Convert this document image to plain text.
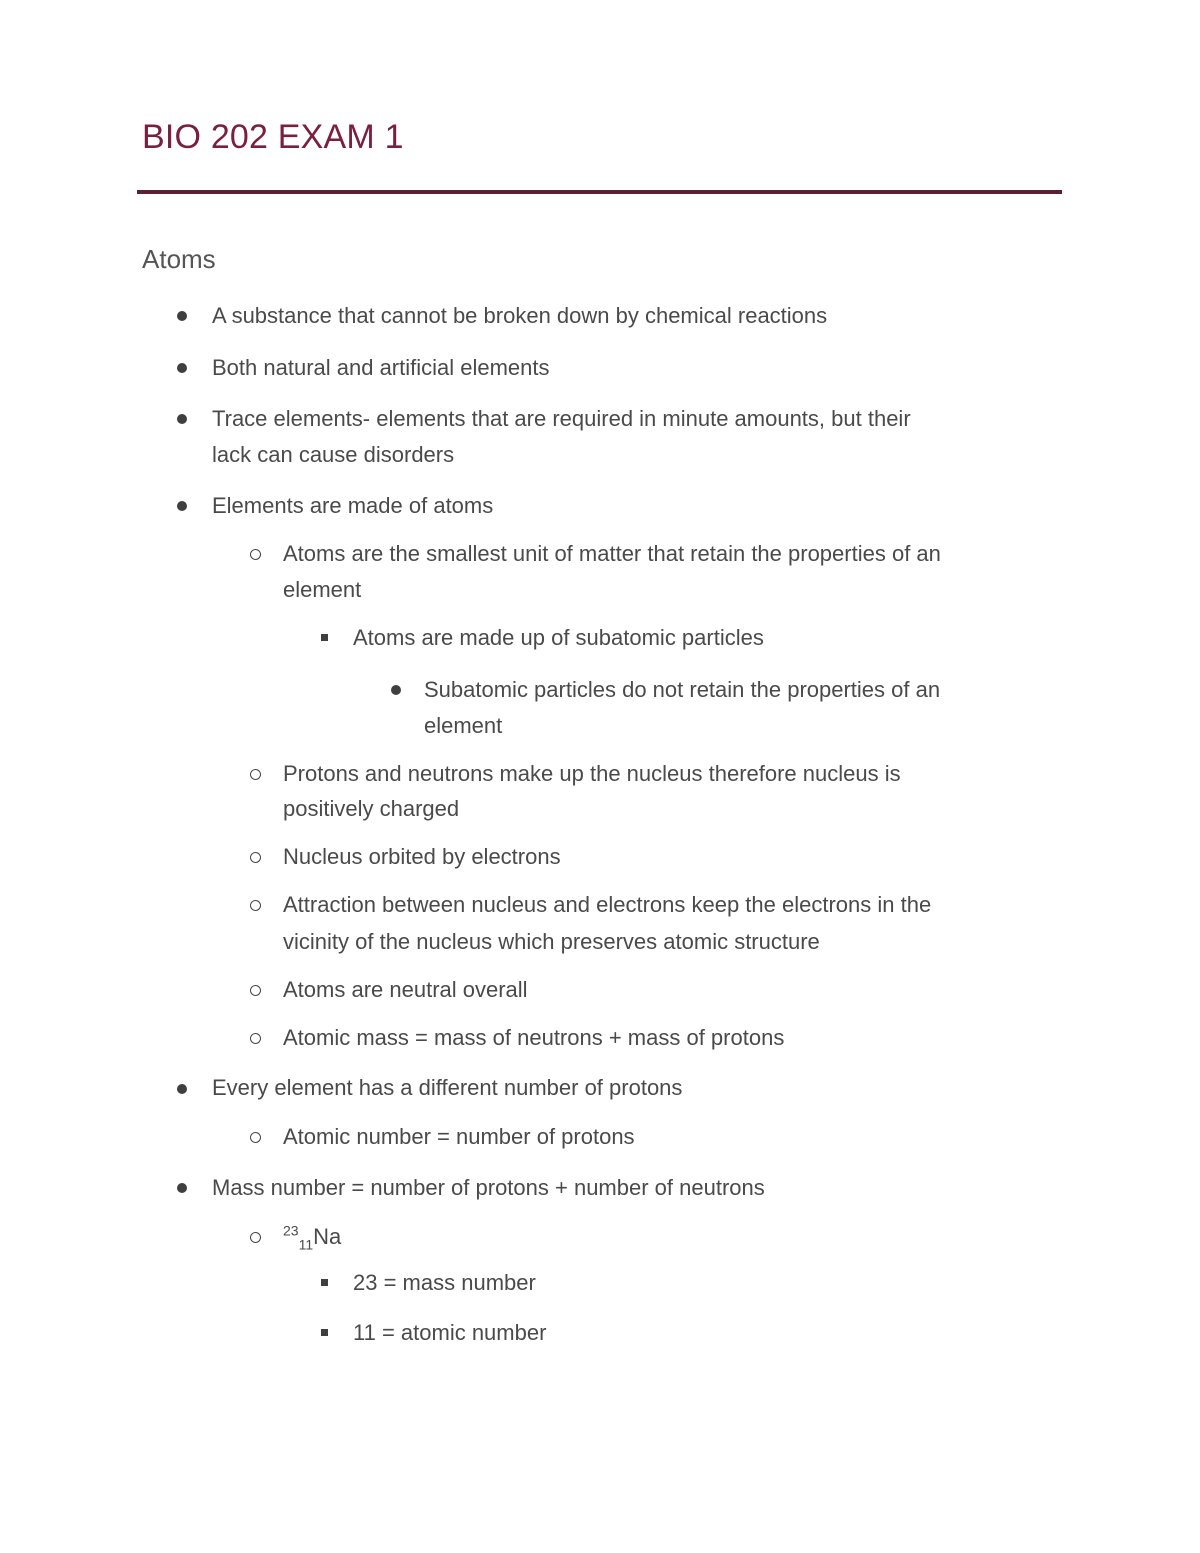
BIO 202 EXAM 1
Atoms
A substance that cannot be broken down by chemical reactions
Both natural and artificial elements
Trace elements- elements that are required in minute amounts, but their
lack can cause disorders
Elements are made of atoms
Atoms are the smallest unit of matter that retain the properties of an
element
Atoms are made up of subatomic particles
Subatomic particles do not retain the properties of an
element
Protons and neutrons make up the nucleus therefore nucleus is
positively charged
Nucleus orbited by electrons
Attraction between nucleus and electrons keep the electrons in the
vicinity of the nucleus which preserves atomic structure
Atoms are neutral overall
Atomic mass = mass of neutrons + mass of protons
Every element has a different number of protons
Atomic number = number of protons
Mass number = number of protons + number of neutrons
$^{23}_{11}$Na
23 = mass number
11 = atomic number
